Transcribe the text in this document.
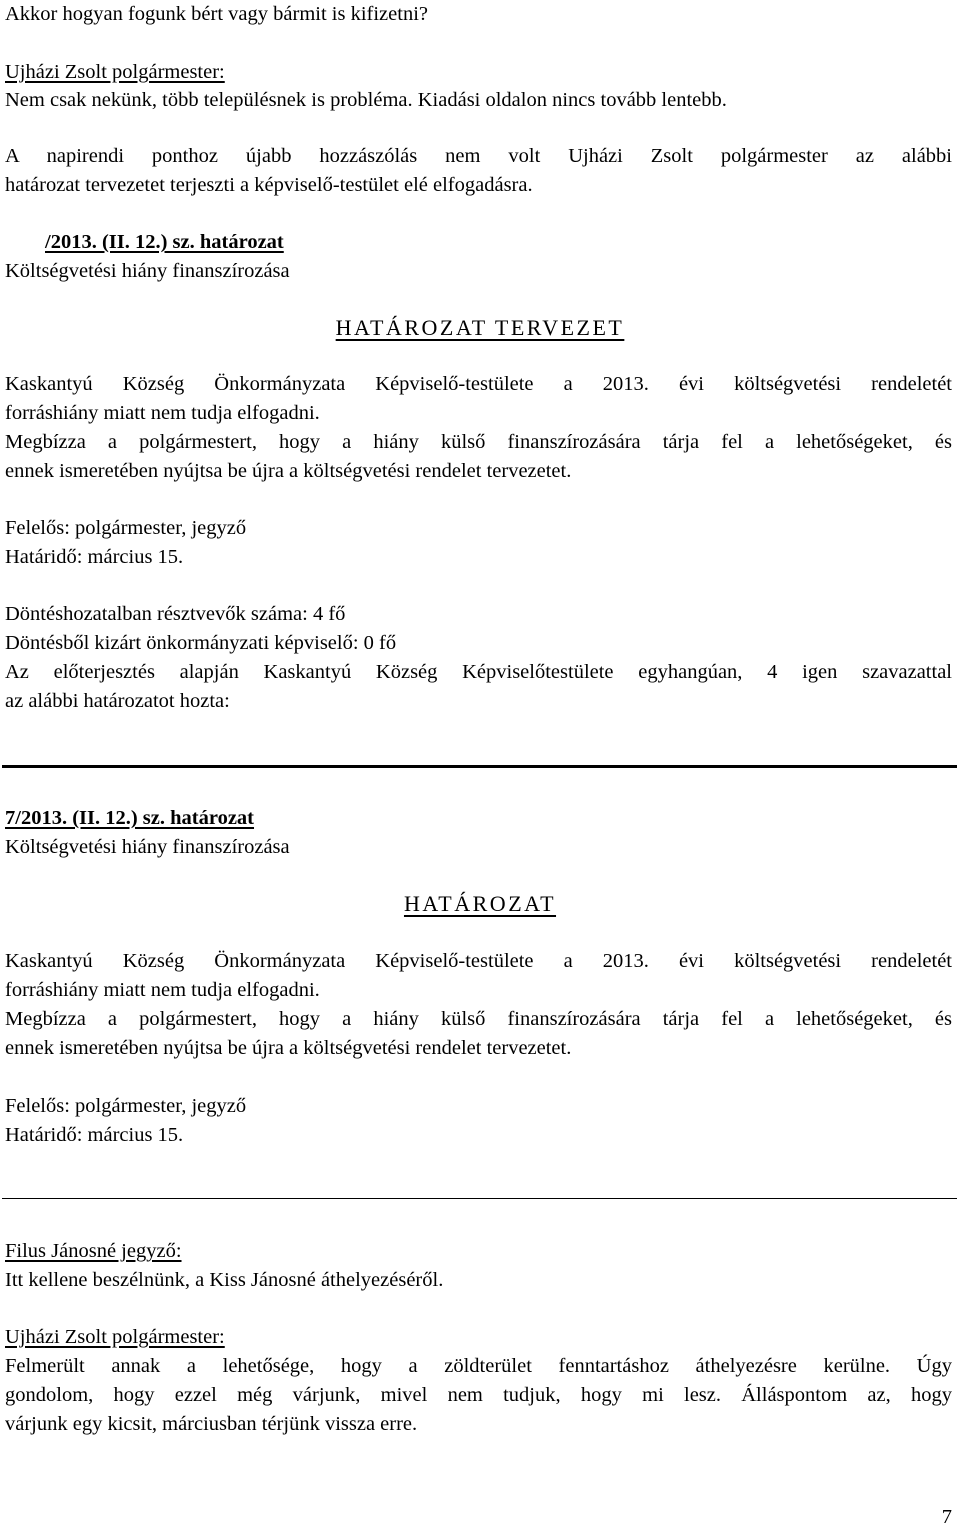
Akkor hogyan fogunk bért vagy bármit is kifizetni?
Ujházi Zsolt polgármester:
Nem csak nekünk, több településnek is probléma. Kiadási oldalon nincs tovább lentebb.
A napirendi ponthoz újabb hozzászólás nem volt Ujházi Zsolt polgármester az alábbi
határozat tervezetet terjeszti a képviselő-testület elé elfogadásra.
/2013. (II. 12.) sz. határozat
Költségvetési hiány finanszírozása
HATÁROZAT TERVEZET
Kaskantyú Község Önkormányzata Képviselő-testülete a 2013. évi költségvetési rendeletét
forráshiány miatt nem tudja elfogadni.
Megbízza a polgármestert, hogy a hiány külső finanszírozására tárja fel a lehetőségeket, és
ennek ismeretében nyújtsa be újra a költségvetési rendelet tervezetet.
Felelős: polgármester, jegyző
Határidő: március 15.
Döntéshozatalban résztvevők száma: 4 fő
Döntésből kizárt önkormányzati képviselő: 0 fő
Az előterjesztés alapján Kaskantyú Község Képviselőtestülete egyhangúan, 4 igen szavazattal
az alábbi határozatot hozta:
7/2013. (II. 12.) sz. határozat
Költségvetési hiány finanszírozása
HATÁROZAT
Kaskantyú Község Önkormányzata Képviselő-testülete a 2013. évi költségvetési rendeletét
forráshiány miatt nem tudja elfogadni.
Megbízza a polgármestert, hogy a hiány külső finanszírozására tárja fel a lehetőségeket, és
ennek ismeretében nyújtsa be újra a költségvetési rendelet tervezetet.
Felelős: polgármester, jegyző
Határidő: március 15.
Filus Jánosné jegyző:
Itt kellene beszélnünk, a Kiss Jánosné áthelyezéséről.
Ujházi Zsolt polgármester:
Felmerült annak a lehetősége, hogy a zöldterület fenntartáshoz áthelyezésre kerülne. Úgy
gondolom, hogy ezzel még várjunk, mivel nem tudjuk, hogy mi lesz. Álláspontom az, hogy
várjunk egy kicsit, márciusban térjünk vissza erre.
7
